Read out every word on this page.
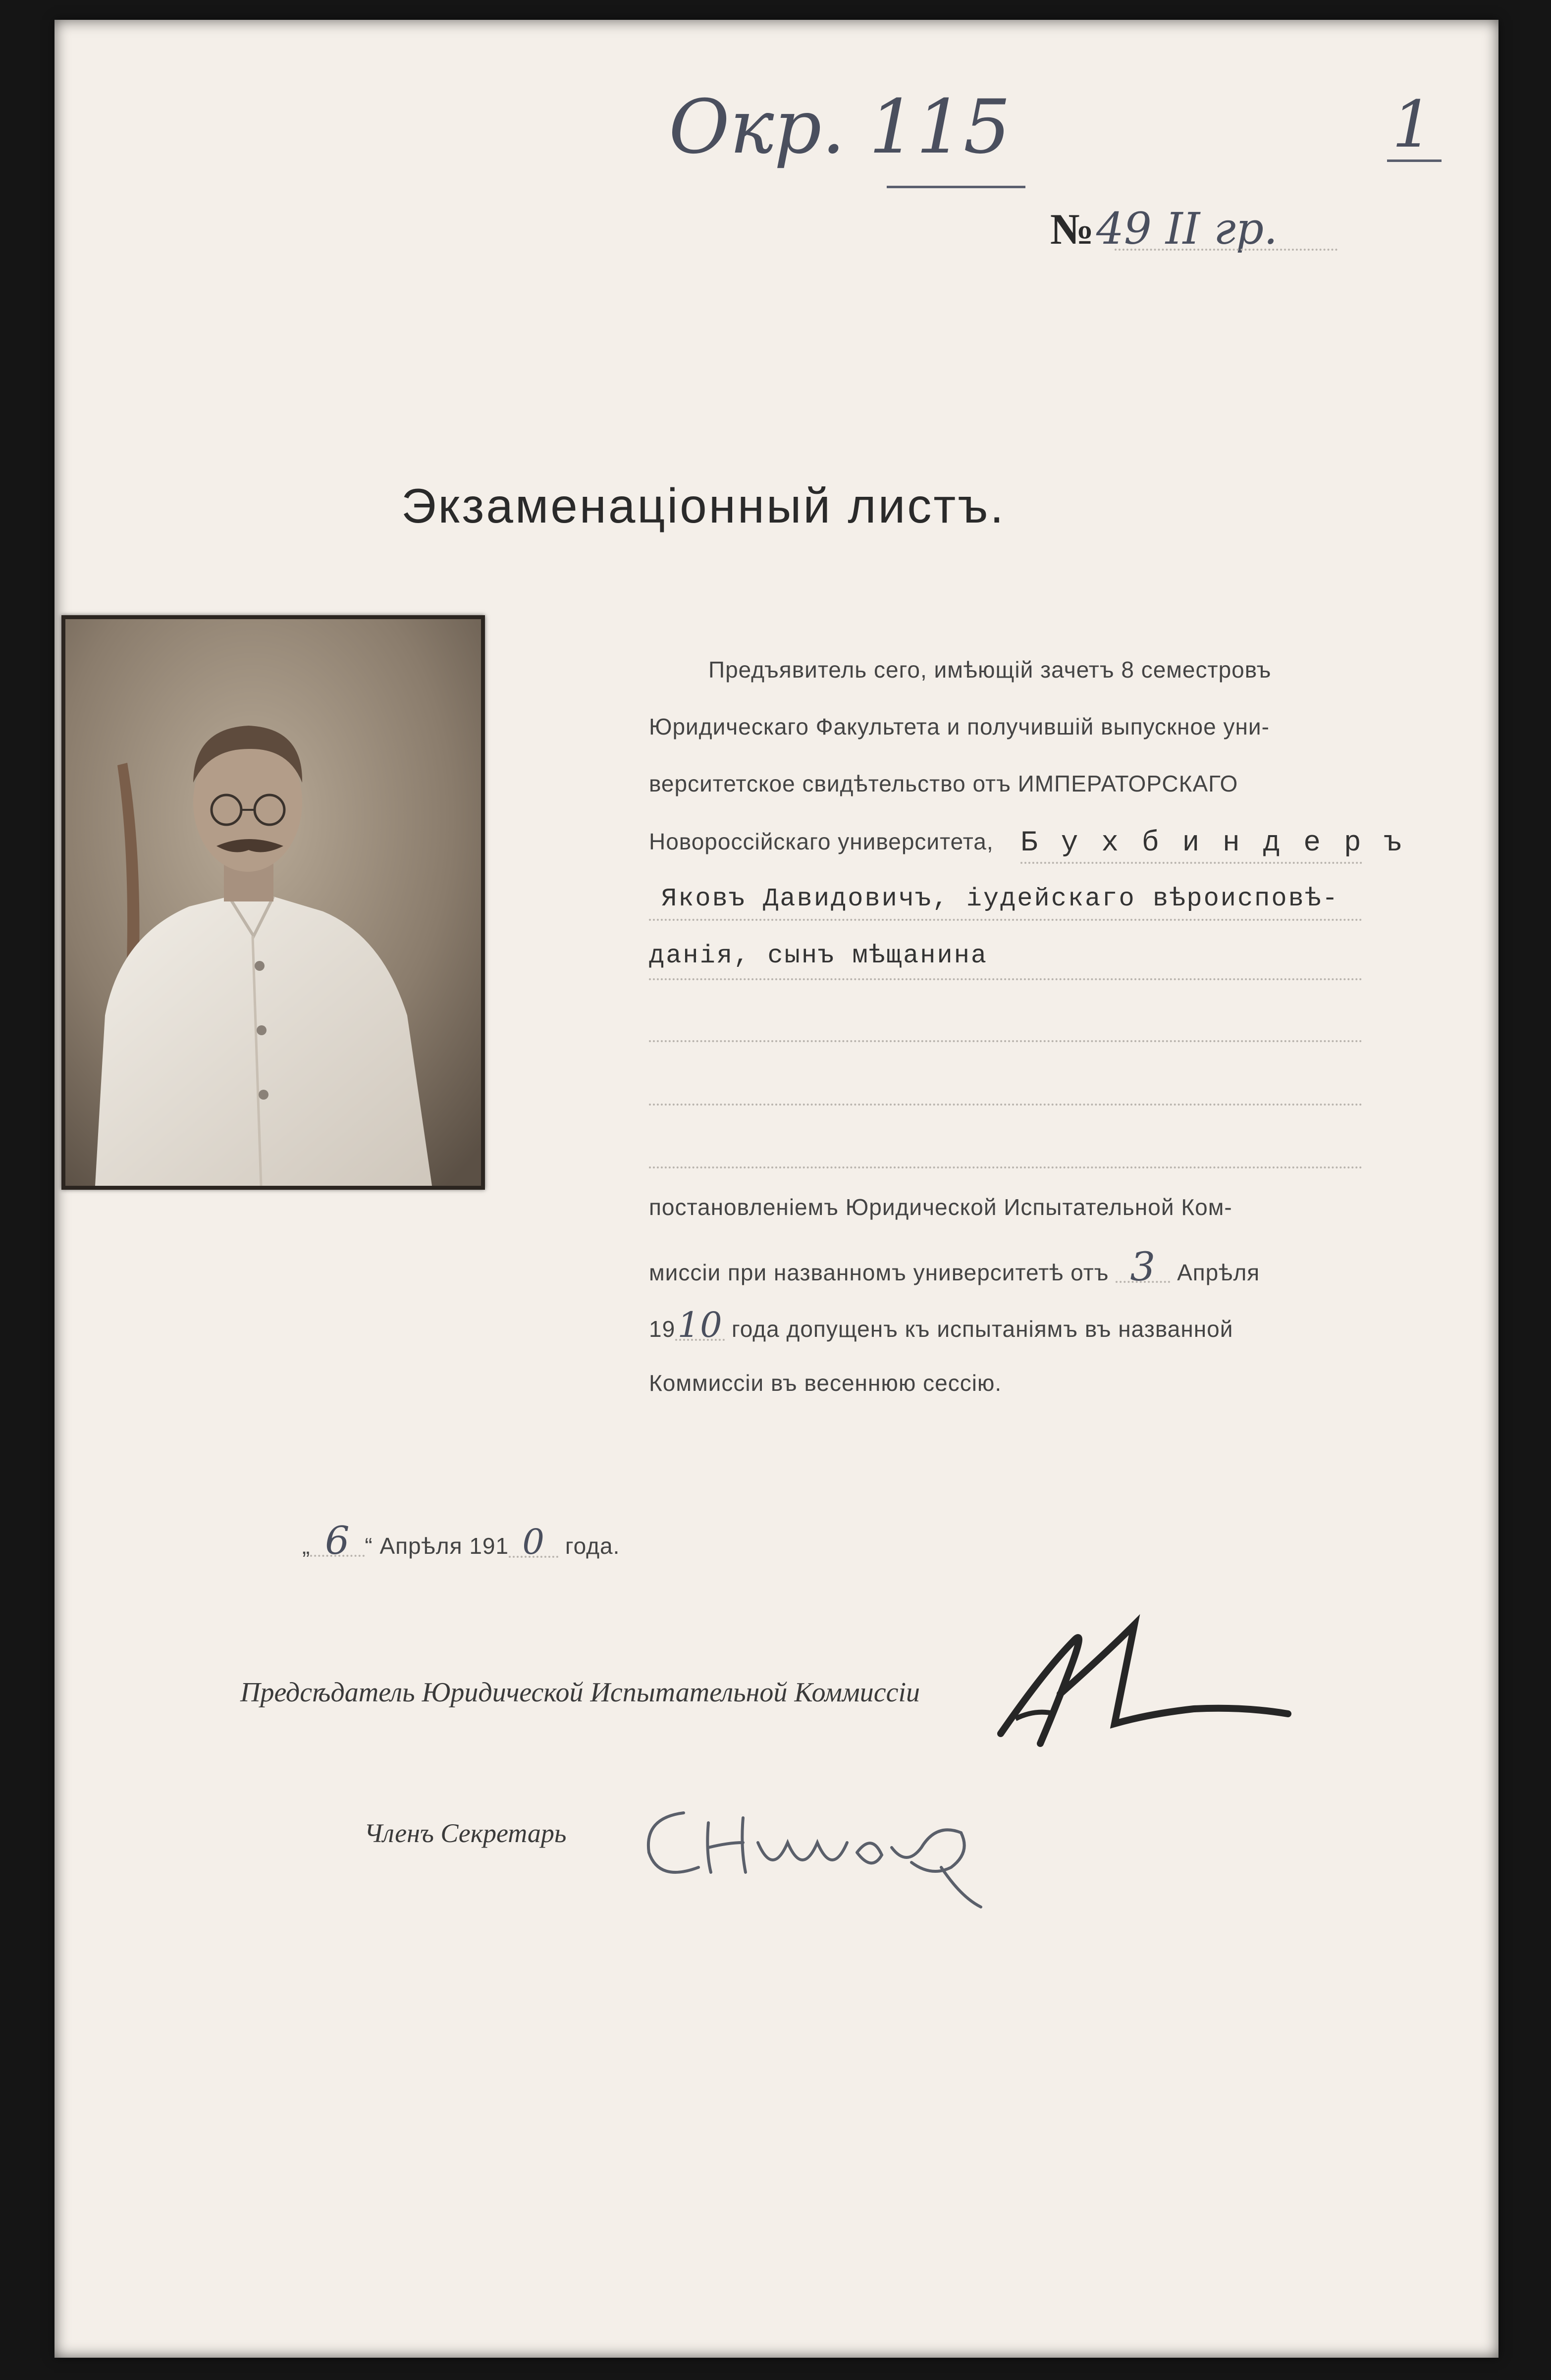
Окр. 115	1
№ 49 II гр.
Экзаменацiонный листъ.
Предъявитель сего, имѣющiй зачетъ 8 семестровъ
Юридическаго Факультета и получившiй выпускное уни-
верситетское свидѣтельство отъ ИМПЕРАТОРСКАГО
Новороссiйскаго университета, Б у х б и н д е р ъ
Яковъ Давидовичъ, iудейскаго вѣроисповѣ-
данiя, сынъ мѣщанина
постановленiемъ Юридической Испытательной Ком-
миссiи при названномъ университетѣ отъ 3 Апрѣля
1910 года допущенъ къ испытанiямъ въ названной
Коммиссiи въ весеннюю сессiю.
„ 6 “ Апрѣля 191 0 года.
Предсѣдатель Юридической Испытательной Коммиссiи
Членъ Секретарь
